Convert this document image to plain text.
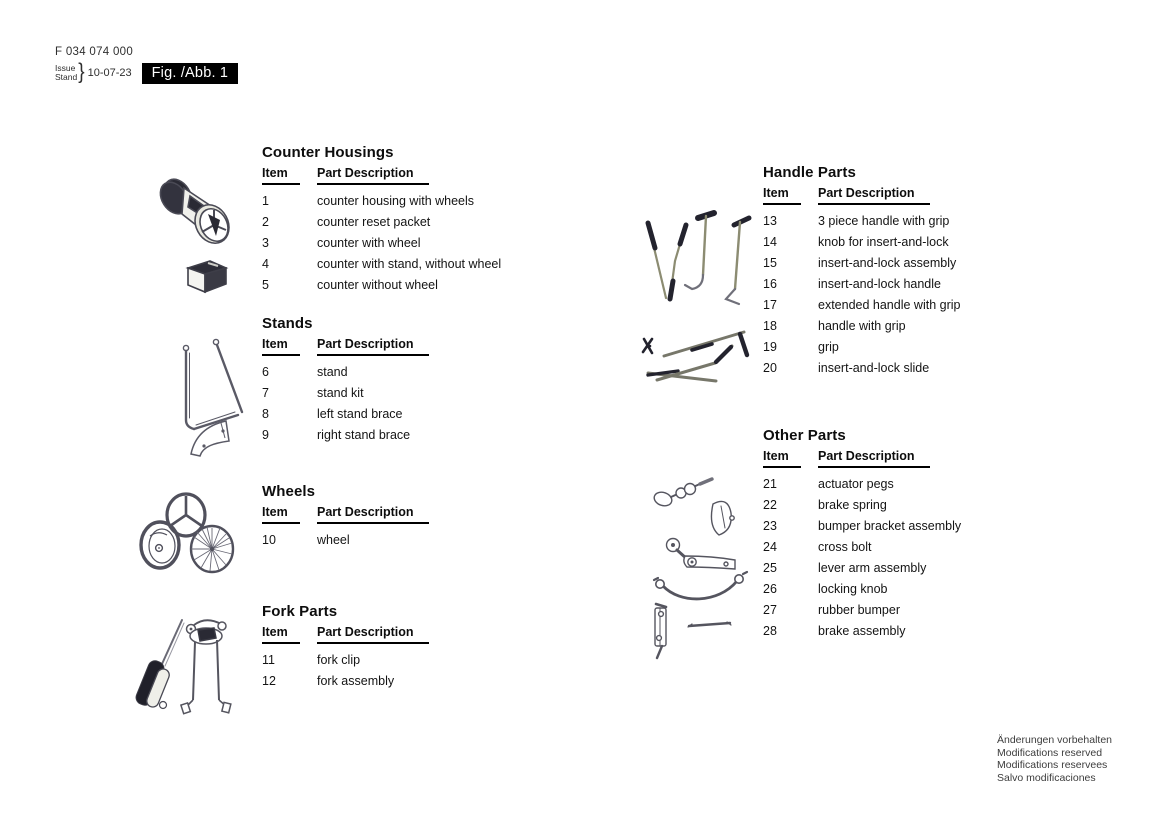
F 034 074 000
Issue
Stand } 10-07-23	Fig. /Abb. 1
Counter Housings
Item Part Description
1	counter housing with wheels
2	counter reset packet
3	counter with wheel
4	counter with stand, without wheel
5	counter without wheel
Stands
Item Part Description
6	stand
7	stand kit
8	left stand brace
9	right stand brace
Wheels
Item Part Description
10	wheel
Fork Parts
Item Part Description
11	fork clip
12	fork assembly
Handle Parts
Item Part Description
13	3 piece handle with grip
14	knob for insert-and-lock
15	insert-and-lock assembly
16	insert-and-lock handle
17	extended handle with grip
18	handle with grip
19	grip
20	insert-and-lock slide
Other Parts
Item Part Description
21	actuator pegs
22	brake spring
23	bumper bracket assembly
24	cross bolt
25	lever arm assembly
26	locking knob
27	rubber bumper
28	brake assembly
Änderungen vorbehalten
Modifications reserved
Modifications reservees
Salvo modificaciones
